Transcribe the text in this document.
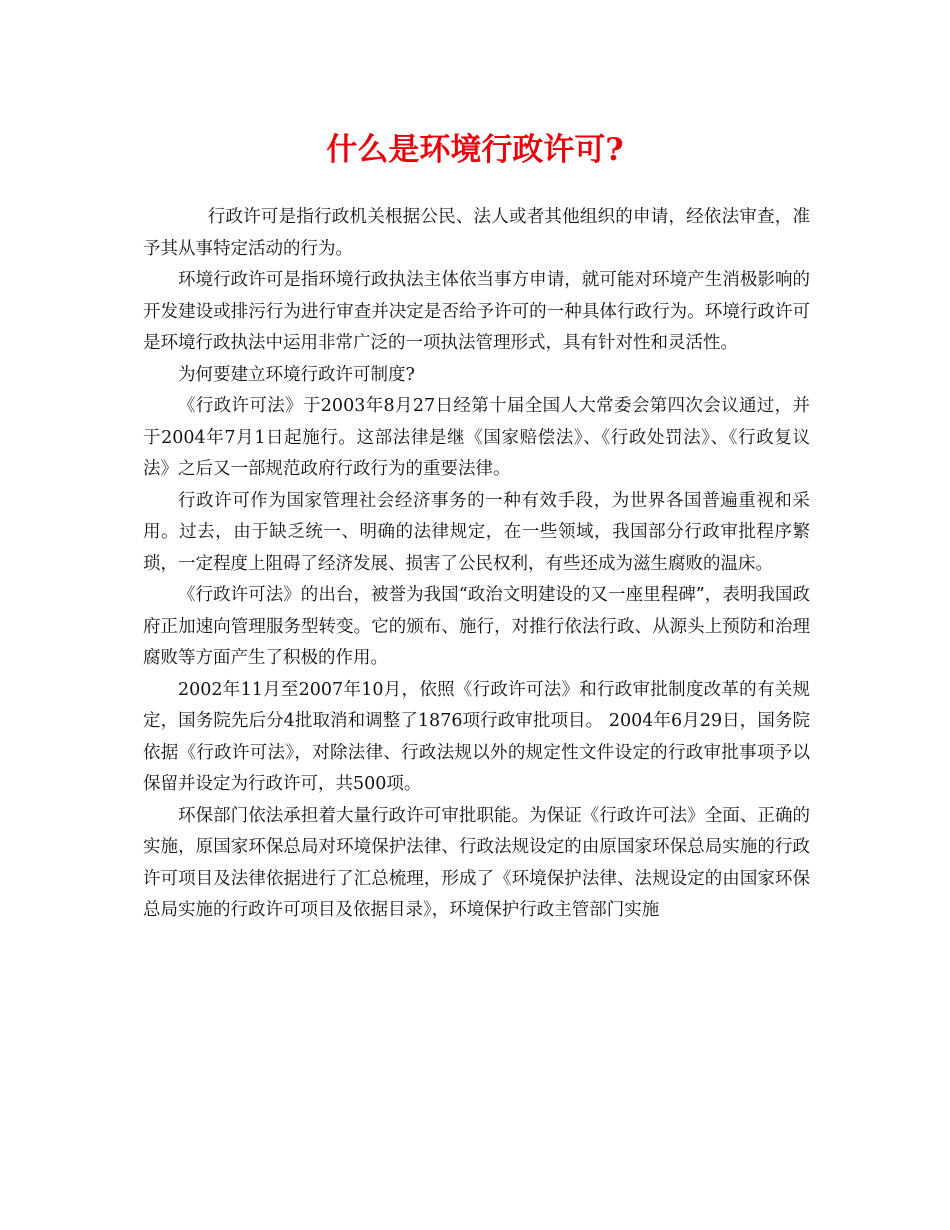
什么是环境行政许可?

行政许可是指行政机关根据公民、法人或者其他组织的申请，经依法审查，准予其从事特定活动的行为。

环境行政许可是指环境行政执法主体依当事方申请，就可能对环境产生消极影响的开发建设或排污行为进行审查并决定是否给予许可的一种具体行政行为。环境行政许可是环境行政执法中运用非常广泛的一项执法管理形式，具有针对性和灵活性。

为何要建立环境行政许可制度?

《行政许可法》于2003年8月27日经第十届全国人大常委会第四次会议通过，并于2004年7月1日起施行。这部法律是继《国家赔偿法》、《行政处罚法》、《行政复议法》之后又一部规范政府行政行为的重要法律。

行政许可作为国家管理社会经济事务的一种有效手段，为世界各国普遍重视和采用。过去，由于缺乏统一、明确的法律规定，在一些领域，我国部分行政审批程序繁琐，一定程度上阻碍了经济发展、损害了公民权利，有些还成为滋生腐败的温床。

《行政许可法》的出台，被誉为我国“政治文明建设的又一座里程碑”，表明我国政府正加速向管理服务型转变。它的颁布、施行，对推行依法行政、从源头上预防和治理腐败等方面产生了积极的作用。

2002年11月至2007年10月，依照《行政许可法》和行政审批制度改革的有关规定，国务院先后分4批取消和调整了1876项行政审批项目。 2004年6月29日，国务院依据《行政许可法》，对除法律、行政法规以外的规定性文件设定的行政审批事项予以保留并设定为行政许可，共500项。

环保部门依法承担着大量行政许可审批职能。为保证《行政许可法》全面、正确的实施，原国家环保总局对环境保护法律、行政法规设定的由原国家环保总局实施的行政许可项目及法律依据进行了汇总梳理，形成了《环境保护法律、法规设定的由国家环保总局实施的行政许可项目及依据目录》，环境保护行政主管部门实施
